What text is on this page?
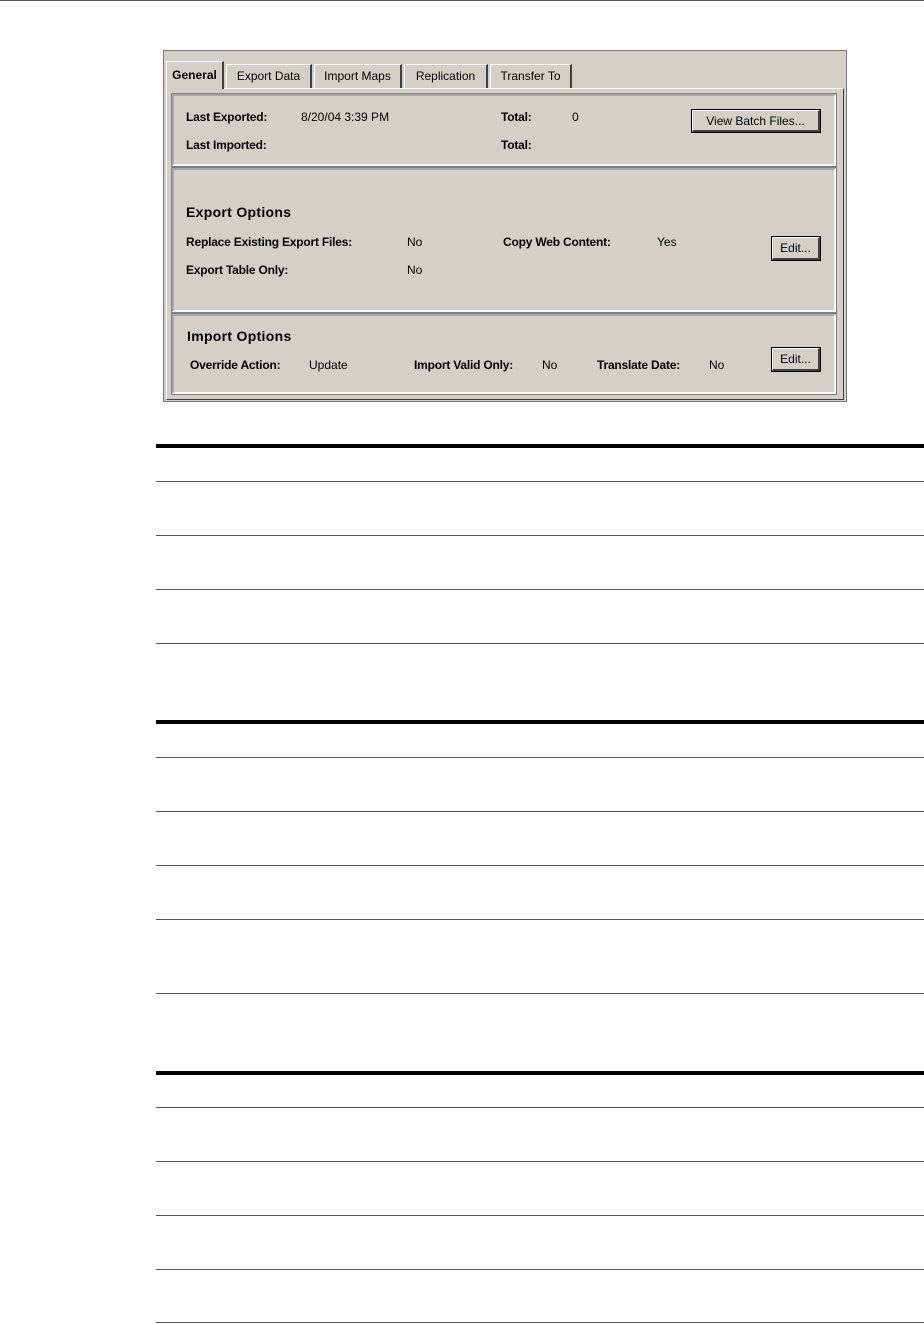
General	Export Data	Import Maps	Replication	Transfer To
Last Exported:	8/20/04 3:39 PM	Total:	0
Last Imported:	Total:
View Batch Files...
Export Options
Replace Existing Export Files:	No	Copy Web Content:	Yes
Export Table Only:	No
Edit...
Import Options
Override Action: Update	Import Valid Only: No	Translate Date: No	Edit...
